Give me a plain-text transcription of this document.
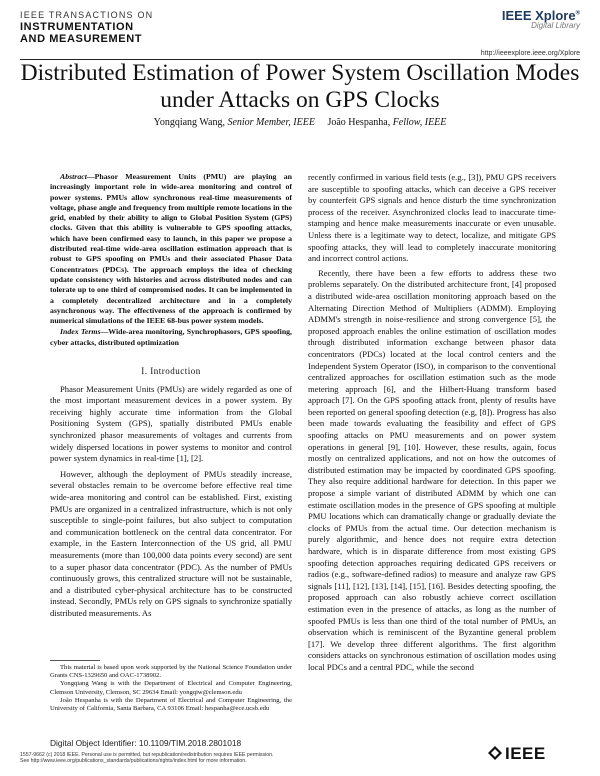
IEEE TRANSACTIONS ON
INSTRUMENTATION
AND MEASUREMENT
IEEE Xplore®
Digital Library
http://ieeexplore.ieee.org/Xplore
Distributed Estimation of Power System Oscillation Modes under Attacks on GPS Clocks
Yongqiang Wang, Senior Member, IEEE João Hespanha, Fellow, IEEE
Abstract—Phasor Measurement Units (PMU) are playing an increasingly important role in wide-area monitoring and control of power systems. PMUs allow synchronous real-time measurements of voltage, phase angle and frequency from multiple remote locations in the grid, enabled by their ability to align to Global Position System (GPS) clocks. Given that this ability is vulnerable to GPS spoofing attacks, which have been confirmed easy to launch, in this paper we propose a distributed real-time wide-area oscillation estimation approach that is robust to GPS spoofing on PMUs and their associated Phasor Data Concentrators (PDCs). The approach employs the idea of checking update consistency with histories and across distributed nodes and can tolerate up to one third of compromised nodes. It can be implemented in a completely decentralized architecture and in a completely asynchronous way. The effectiveness of the approach is confirmed by numerical simulations of the IEEE 68-bus power system models.
Index Terms—Wide-area monitoring, Synchrophasors, GPS spoofing, cyber attacks, distributed optimization
I. Introduction
Phasor Measurement Units (PMUs) are widely regarded as one of the most important measurement devices in a power system. By receiving highly accurate time information from the Global Positioning System (GPS), spatially distributed PMUs enable synchronized phasor measurements of voltages and currents from widely dispersed locations in power systems to monitor and control power system dynamics in real-time [1], [2].
However, although the deployment of PMUs steadily increase, several obstacles remain to be overcome before effective real time wide-area monitoring and control can be established. First, existing PMUs are organized in a centralized infrastructure, which is not only susceptible to single-point failures, but also subject to computation and communication bottleneck on the central data concentrator. For example, in the Eastern Interconnection of the US grid, all PMU measurements (more than 100,000 data points every second) are sent to a super phasor data concentrator (PDC). As the number of PMUs continuously grows, this centralized structure will not be sustainable, and a distributed cyber-physical architecture has to be constructed instead. Secondly, PMUs rely on GPS signals to synchronize spatially distributed measurements. As
This material is based upon work supported by the National Science Foundation under Grants CNS-1329650 and OAC-1738902.
Yongqiang Wang is with the Department of Electrical and Computer Engineering, Clemson University, Clemson, SC 29634 Email: yongqiw@clemson.edu
João Hespanha is with the Department of Electrical and Computer Engineering, the University of California, Santa Barbara, CA 93106 Email: hespanha@ece.ucsb.edu
recently confirmed in various field tests (e.g., [3]), PMU GPS receivers are susceptible to spoofing attacks, which can deceive a GPS receiver by counterfeit GPS signals and hence disturb the time synchronization process of the receiver. Asynchronized clocks lead to inaccurate time-stamping and hence make measurements inaccurate or even unusable. Unless there is a legitimate way to detect, localize, and mitigate GPS spoofing attacks, they will lead to completely inaccurate monitoring and incorrect control actions.
Recently, there have been a few efforts to address these two problems separately. On the distributed architecture front, [4] proposed a distributed wide-area oscillation monitoring approach based on the Alternating Direction Method of Multipliers (ADMM). Employing ADMM's strength in noise-resilience and strong convergence [5], the proposed approach enables the online estimation of oscillation modes through distributed information exchange between phasor data concentrators (PDCs) located at the local control centers and the Independent System Operator (ISO), in comparison to the conventional centralized approaches for oscillation estimation such as the mode metering approach [6], and the Hilbert-Huang transform based approach [7]. On the GPS spoofing attack front, plenty of results have been reported on general spoofing detection (e.g, [8]). Progress has also been made towards evaluating the feasibility and effect of GPS spoofing attacks on PMU measurements and on power system operations in general [9], [10]. However, these results, again, focus mostly on centralized applications, and not on how the outcomes of distributed estimation may be impacted by coordinated GPS spoofing. They also require additional hardware for detection. In this paper we propose a simple variant of distributed ADMM by which one can estimate oscillation modes in the presence of GPS spoofing at multiple PMU locations which can dramatically change or gradually deviate the clocks of PMUs from the actual time. Our detection mechanism is purely algorithmic, and hence does not require extra detection hardware, which is in disparate difference from most existing GPS spoofing detection approaches requiring dedicated GPS receivers or radios (e.g., software-defined radios) to measure and analyze raw GPS signals [11], [12], [13], [14], [15], [16]. Besides detecting spoofing, the proposed approach can also robustly achieve correct oscillation estimation even in the presence of attacks, as long as the number of spoofed PMUs is less than one third of the total number of PMUs, an observation which is reminiscent of the Byzantine general problem [17]. We develop three different algorithms. The first algorithm considers attacks on synchronous estimation of oscillation modes using local PDCs and a central PDC, while the second
Digital Object Identifier: 10.1109/TIM.2018.2801018
1557-9662 (c) 2018 IEEE. Personal use is permitted, but republication/redistribution requires IEEE permission.
See http://www.ieee.org/publications_standards/publications/rights/index.html for more information.	IEEE
